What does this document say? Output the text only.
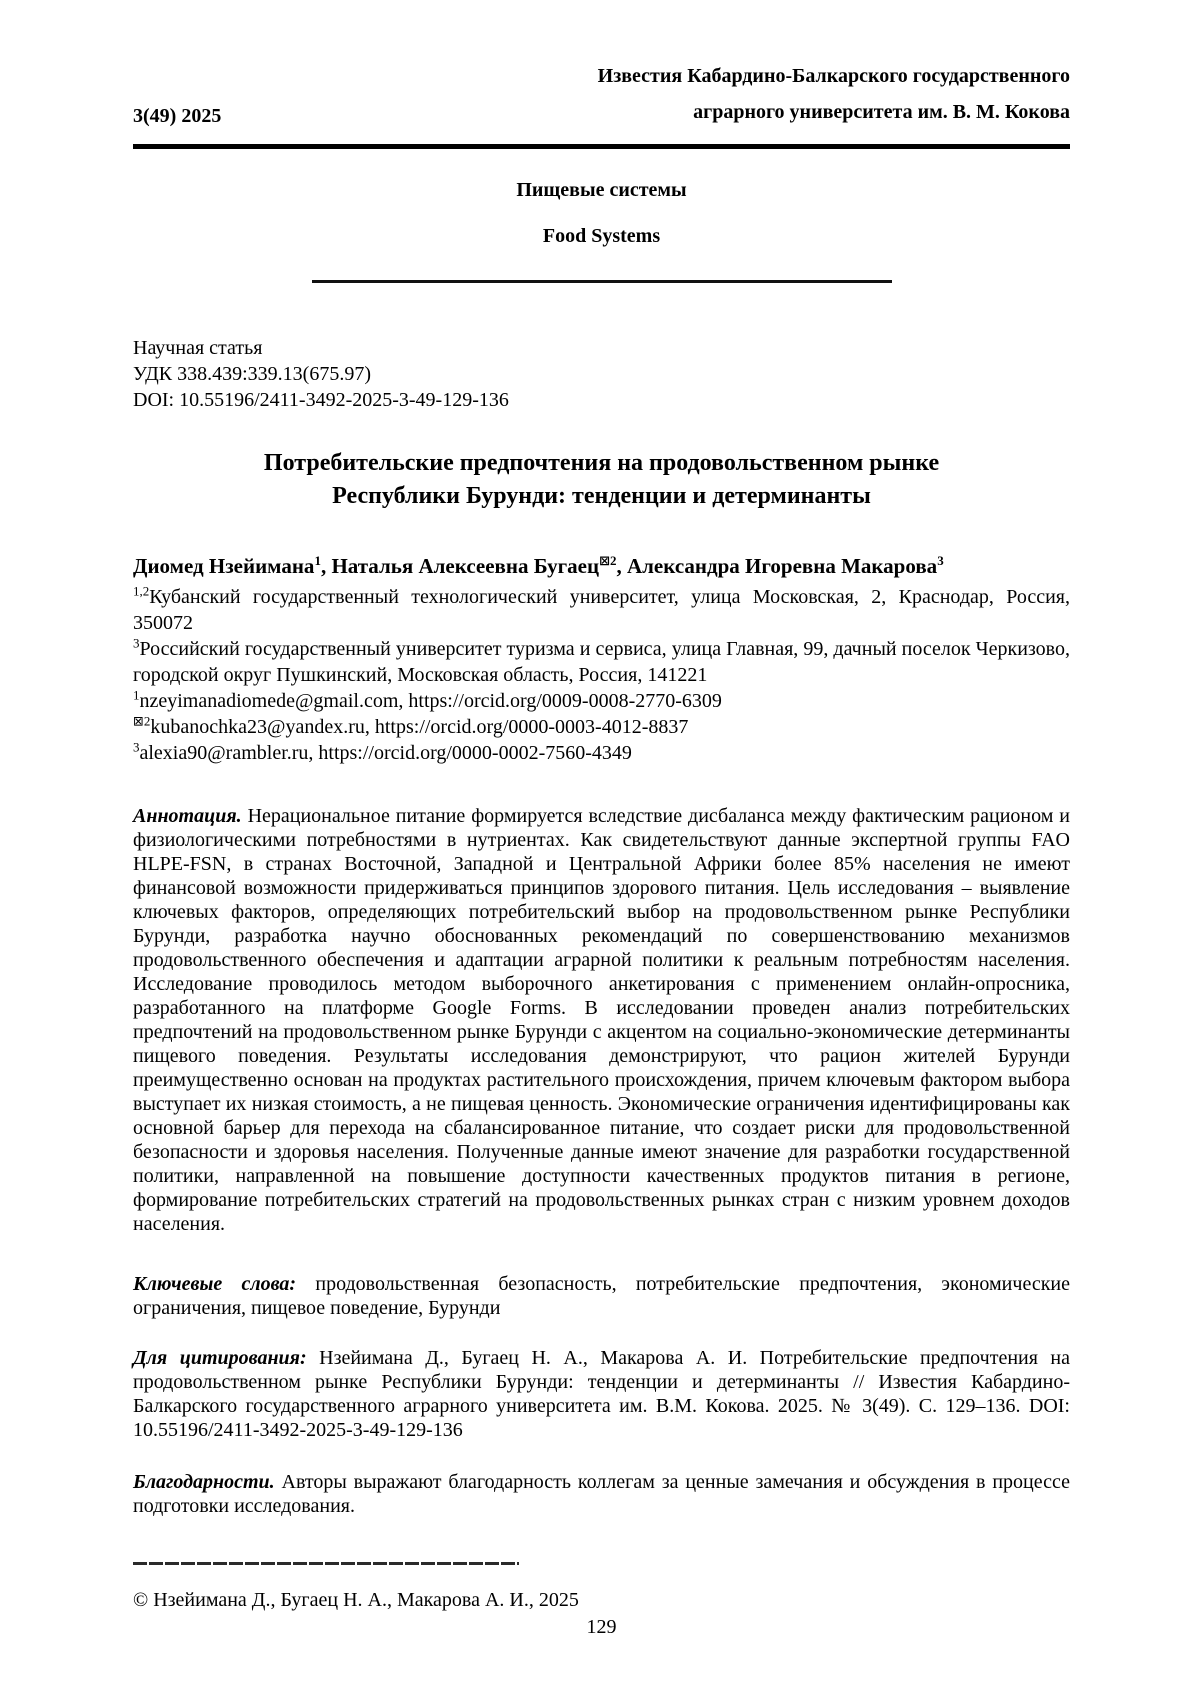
3(49) 2025
Известия Кабардино-Балкарского государственного
аграрного университета им. В. М. Кокова
Пищевые системы
Food Systems
Научная статья
УДК 338.439:339.13(675.97)
DOI: 10.55196/2411-3492-2025-3-49-129-136
Потребительские предпочтения на продовольственном рынке
Республики Бурунди: тенденции и детерминанты
Диомед Нзейимана$^1$, Наталья Алексеевна Бугаец$^{⊠2}$, Александра Игоревна Макарова$^3$

$^{1,2}$Кубанский государственный технологический университет, улица Московская, 2, Краснодар, Россия, 350072

$^3$Российский государственный университет туризма и сервиса, улица Главная, 99, дачный поселок Черкизово, городской округ Пушкинский, Московская область, Россия, 141221

$^1$nzeyimanadiomede@gmail.com, https://orcid.org/0009-0008-2770-6309

$^{⊠2}$kubanochka23@yandex.ru, https://orcid.org/0000-0003-4012-8837

$^3$alexia90@rambler.ru, https://orcid.org/0000-0002-7560-4349

Аннотация. Нерациональное питание формируется вследствие дисбаланса между фактическим рационом и физиологическими потребностями в нутриентах. Как свидетельствуют данные экспертной группы FAO HLPE-FSN, в странах Восточной, Западной и Центральной Африки более 85% населения не имеют финансовой возможности придерживаться принципов здорового питания. Цель исследования – выявление ключевых факторов, определяющих потребительский выбор на продовольственном рынке Республики Бурунди, разработка научно обоснованных рекомендаций по совершенствованию механизмов продовольственного обеспечения и адаптации аграрной политики к реальным потребностям населения. Исследование проводилось методом выборочного анкетирования с применением онлайн-опросника, разработанного на платформе Google Forms. В исследовании проведен анализ потребительских предпочтений на продовольственном рынке Бурунди с акцентом на социально-экономические детерминанты пищевого поведения. Результаты исследования демонстрируют, что рацион жителей Бурунди преимущественно основан на продуктах растительного происхождения, причем ключевым фактором выбора выступает их низкая стоимость, а не пищевая ценность. Экономические ограничения идентифицированы как основной барьер для перехода на сбалансированное питание, что создает риски для продовольственной безопасности и здоровья населения. Полученные данные имеют значение для разработки государственной политики, направленной на повышение доступности качественных продуктов питания в регионе, формирование потребительских стратегий на продовольственных рынках стран с низким уровнем доходов населения.

Ключевые слова: продовольственная безопасность, потребительские предпочтения, экономические ограничения, пищевое поведение, Бурунди

Для цитирования: Нзейимана Д., Бугаец Н. А., Макарова А. И. Потребительские предпочтения на продовольственном рынке Республики Бурунди: тенденции и детерминанты // Известия Кабардино-Балкарского государственного аграрного университета им. В.М. Кокова. 2025. № 3(49). С. 129–136. DOI: 10.55196/2411-3492-2025-3-49-129-136

Благодарности. Авторы выражают благодарность коллегам за ценные замечания и обсуждения в процессе подготовки исследования.

© Нзейимана Д., Бугаец Н. А., Макарова А. И., 2025
129
